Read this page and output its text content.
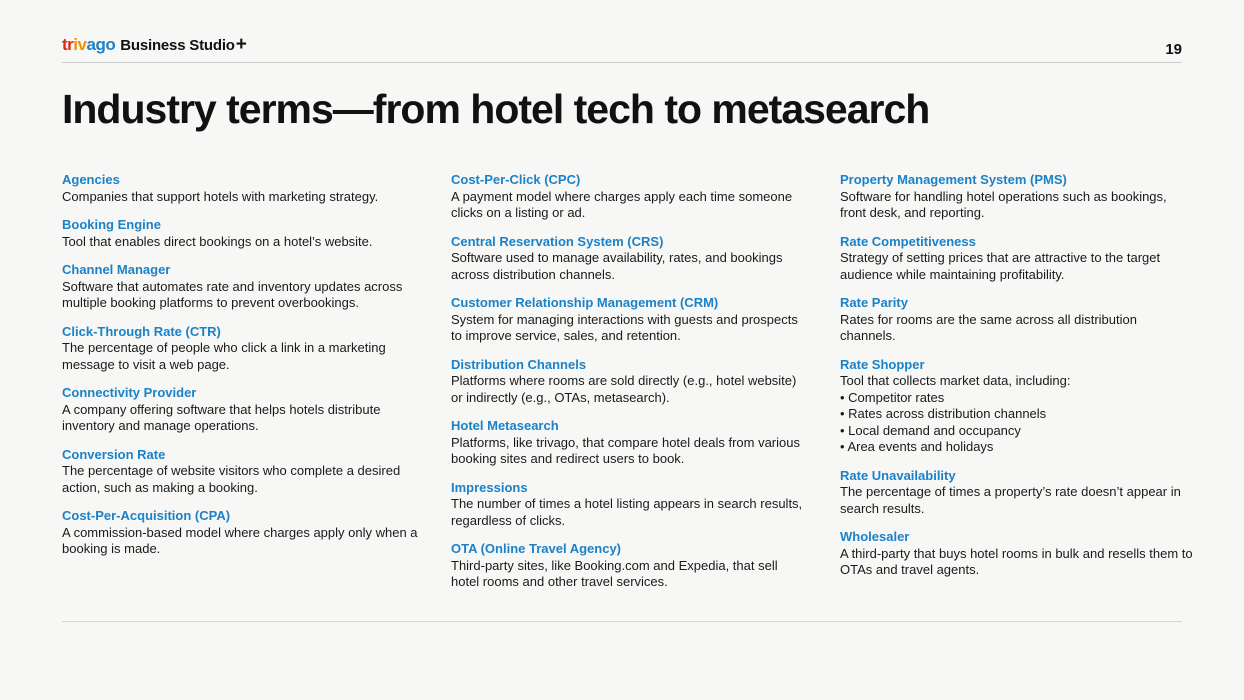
trivago Business Studio +	19
Industry terms—from hotel tech to metasearch
Agencies
Companies that support hotels with marketing strategy.
Booking Engine
Tool that enables direct bookings on a hotel’s website.
Channel Manager
Software that automates rate and inventory updates across multiple booking platforms to prevent overbookings.
Click-Through Rate (CTR)
The percentage of people who click a link in a marketing message to visit a web page.
Connectivity Provider
A company offering software that helps hotels distribute inventory and manage operations.
Conversion Rate
The percentage of website visitors who complete a desired action, such as making a booking.
Cost-Per-Acquisition (CPA)
A commission-based model where charges apply only when a booking is made.
Cost-Per-Click (CPC)
A payment model where charges apply each time someone clicks on a listing or ad.
Central Reservation System (CRS)
Software used to manage availability, rates, and bookings across distribution channels.
Customer Relationship Management (CRM)
System for managing interactions with guests and prospects to improve service, sales, and retention.
Distribution Channels
Platforms where rooms are sold directly (e.g., hotel website) or indirectly (e.g., OTAs, metasearch).
Hotel Metasearch
Platforms, like trivago, that compare hotel deals from various booking sites and redirect users to book.
Impressions
The number of times a hotel listing appears in search results, regardless of clicks.
OTA (Online Travel Agency)
Third-party sites, like Booking.com and Expedia, that sell hotel rooms and other travel services.
Property Management System (PMS)
Software for handling hotel operations such as bookings, front desk, and reporting.
Rate Competitiveness
Strategy of setting prices that are attractive to the target audience while maintaining profitability.
Rate Parity
Rates for rooms are the same across all distribution channels.
Rate Shopper
Tool that collects market data, including:
• Competitor rates
• Rates across distribution channels
• Local demand and occupancy
• Area events and holidays
Rate Unavailability
The percentage of times a property’s rate doesn’t appear in search results.
Wholesaler
A third-party that buys hotel rooms in bulk and resells them to OTAs and travel agents.
